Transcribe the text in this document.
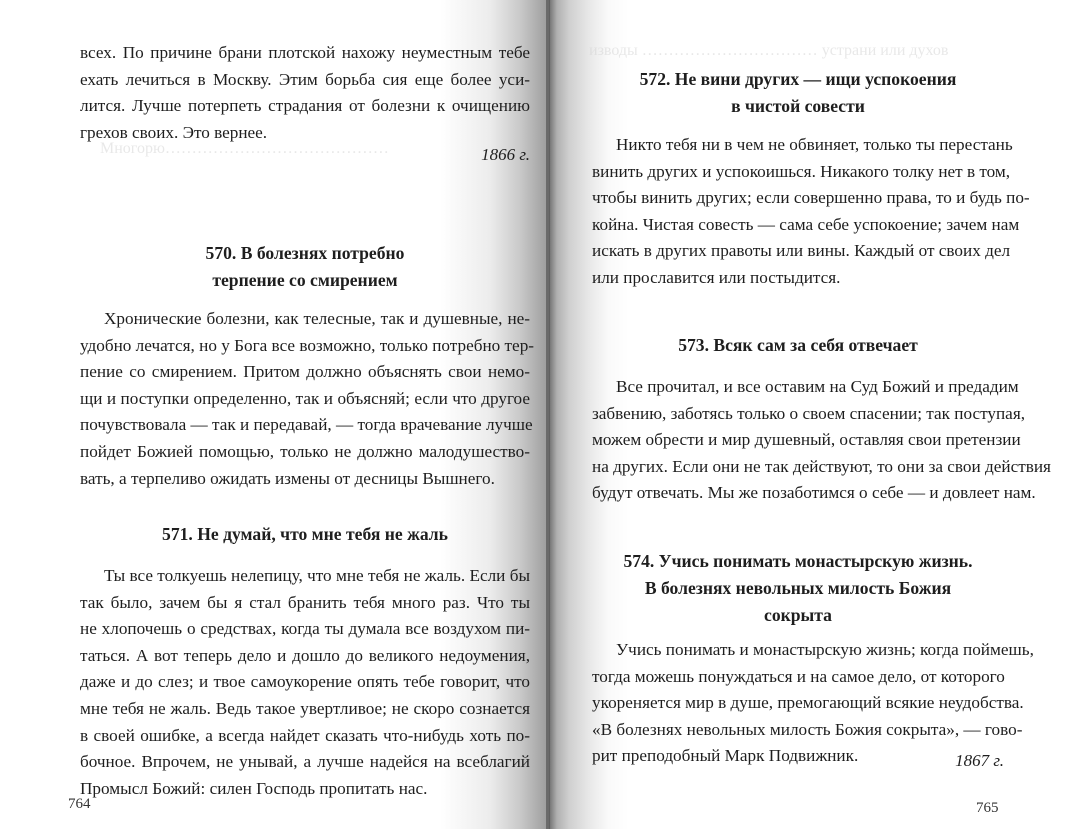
Многорю……………………………………
изводы …………………………… устрани или духов
всех. По причине брани плотской нахожу неуместным тебе
ехать лечиться в Москву. Этим борьба сия еще более уси-
лится. Лучше потерпеть страдания от болезни к очищению
грехов своих. Это вернее.
1866 г.
570. В болезнях потребно
терпение со смирением
Хронические болезни, как телесные, так и душевные, не-
удобно лечатся, но у Бога все возможно, только потребно тер-
пение со смирением. Притом должно объяснять свои немо-
щи и поступки определенно, так и объясняй; если что другое
почувствовала — так и передавай, — тогда врачевание лучше
пойдет Божией помощью, только не должно малодушество-
вать, а терпеливо ожидать измены от десницы Вышнего.
571. Не думай, что мне тебя не жаль
Ты все толкуешь нелепицу, что мне тебя не жаль. Если бы
так было, зачем бы я стал бранить тебя много раз. Что ты
не хлопочешь о средствах, когда ты думала все воздухом пи-
таться. А вот теперь дело и дошло до великого недоумения,
даже и до слез; и твое самоукорение опять тебе говорит, что
мне тебя не жаль. Ведь такое увертливое; не скоро сознается
в своей ошибке, а всегда найдет сказать что-нибудь хоть по-
бочное. Впрочем, не унывай, а лучше надейся на всеблагий
Промысл Божий: силен Господь пропитать нас.
764
572. Не вини других — ищи успокоения
в чистой совести
Никто тебя ни в чем не обвиняет, только ты перестань
винить других и успокоишься. Никакого толку нет в том,
чтобы винить других; если совершенно права, то и будь по-
койна. Чистая совесть — сама себе успокоение; зачем нам
искать в других правоты или вины. Каждый от своих дел
или прославится или постыдится.
573. Всяк сам за себя отвечает
Все прочитал, и все оставим на Суд Божий и предадим
забвению, заботясь только о своем спасении; так поступая,
можем обрести и мир душевный, оставляя свои претензии
на других. Если они не так действуют, то они за свои действия
будут отвечать. Мы же позаботимся о себе — и довлеет нам.
574. Учись понимать монастырскую жизнь.
В болезнях невольных милость Божия
сокрыта
Учись понимать и монастырскую жизнь; когда поймешь,
тогда можешь понуждаться и на самое дело, от которого
укореняется мир в душе, премогающий всякие неудобства.
«В болезнях невольных милость Божия сокрыта», — гово-
рит преподобный Марк Подвижник.	1867 г.
765
